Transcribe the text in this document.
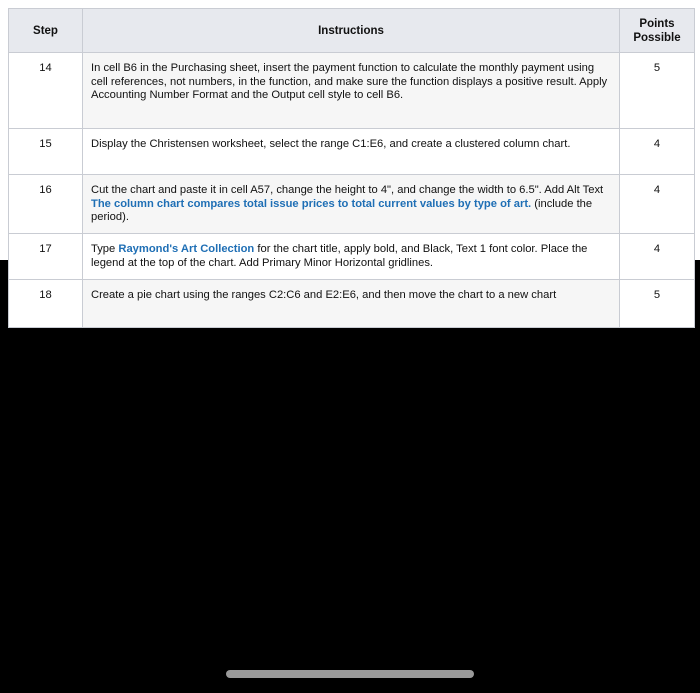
Step	Instructions	Points Possible
14	In cell B6 in the Purchasing sheet, insert the payment function to calculate the monthly payment using cell references, not numbers, in the function, and make sure the function displays a positive result. Apply Accounting Number Format and the Output cell style to cell B6.	5
15	Display the Christensen worksheet, select the range C1:E6, and create a clustered column chart.	4
16	Cut the chart and paste it in cell A57, change the height to 4", and change the width to 6.5". Add Alt Text The column chart compares total issue prices to total current values by type of art. (include the period).	4
17	Type Raymond's Art Collection for the chart title, apply bold, and Black, Text 1 font color. Place the legend at the top of the chart. Add Primary Minor Horizontal gridlines.	4
18	Create a pie chart using the ranges C2:C6 and E2:E6, and then move the chart to a new chart	5
